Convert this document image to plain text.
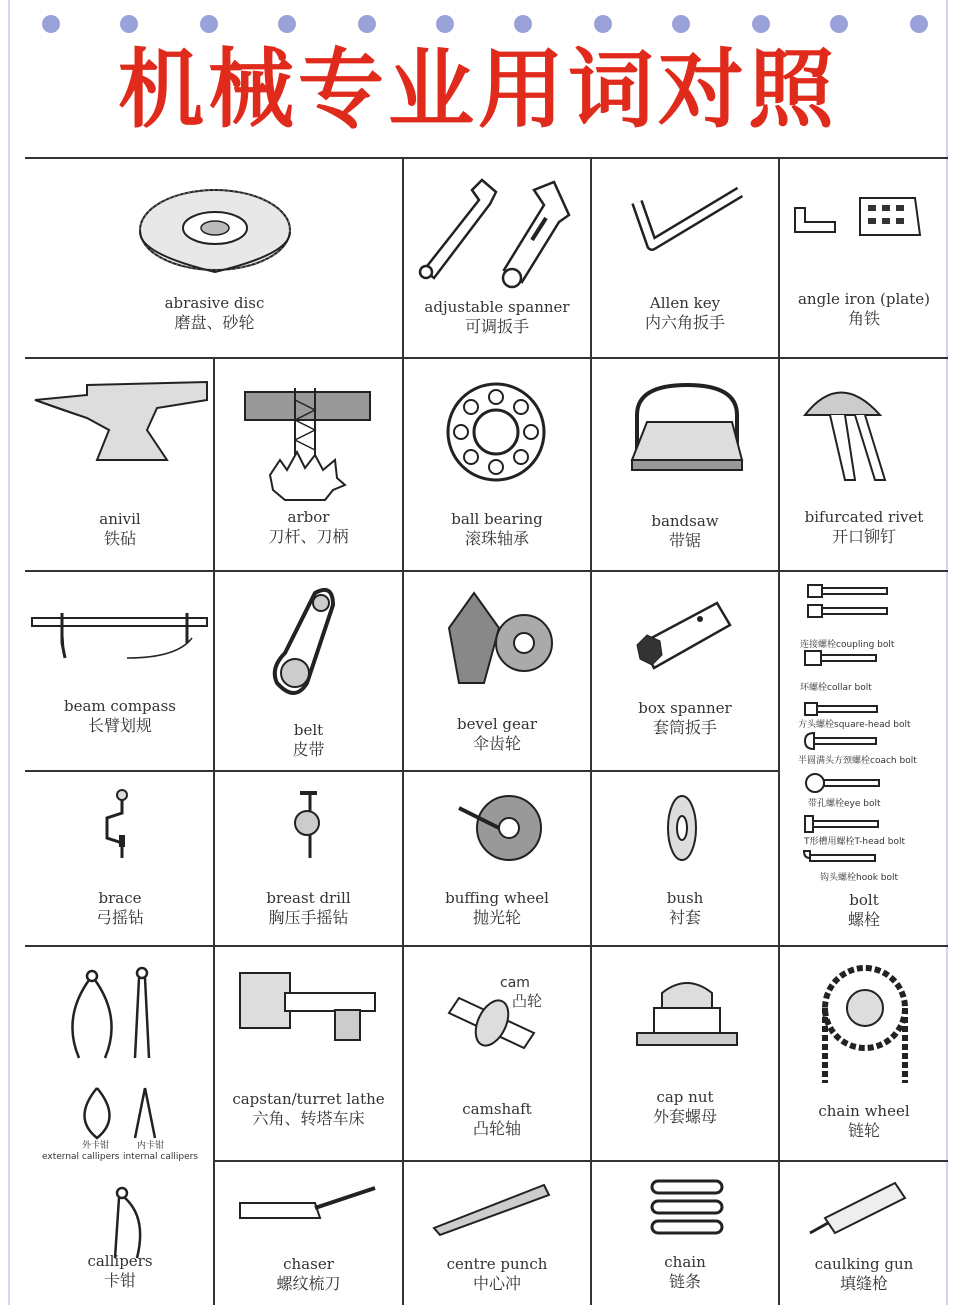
机械专业用词对照
abrasive disc
磨盘、砂轮
adjustable spanner
可调扳手
Allen key
内六角扳手
angle iron (plate)
角铁
anivil
铁砧
arbor
刀杆、刀柄
ball bearing
滚珠轴承
bandsaw
带锯
bifurcated rivet
开口铆钉
beam compass
长臂划规	belt
皮带
bevel gear
伞齿轮
box spanner
套筒扳手
连接螺栓coupling bolt
环螺栓collar bolt
方头螺栓square-head bolt
半圆满头方颈螺栓coach bolt
带孔螺栓eye bolt
T形槽用螺栓T-head bolt
钩头螺栓hook bolt
bolt
螺栓
brace
弓摇钻
breast drill
胸压手摇钻
buffing wheel
抛光轮
bush
衬套
外卡钳	内卡钳
external callipers internal callipers
callipers
卡钳
capstan/turret lathe
六角、转塔车床
cam
凸轮
camshaft
凸轮轴
cap nut
外套螺母	chain wheel
链轮
chaser
螺纹梳刀
centre punch
中心冲
chain
链条
caulking gun
填缝枪
